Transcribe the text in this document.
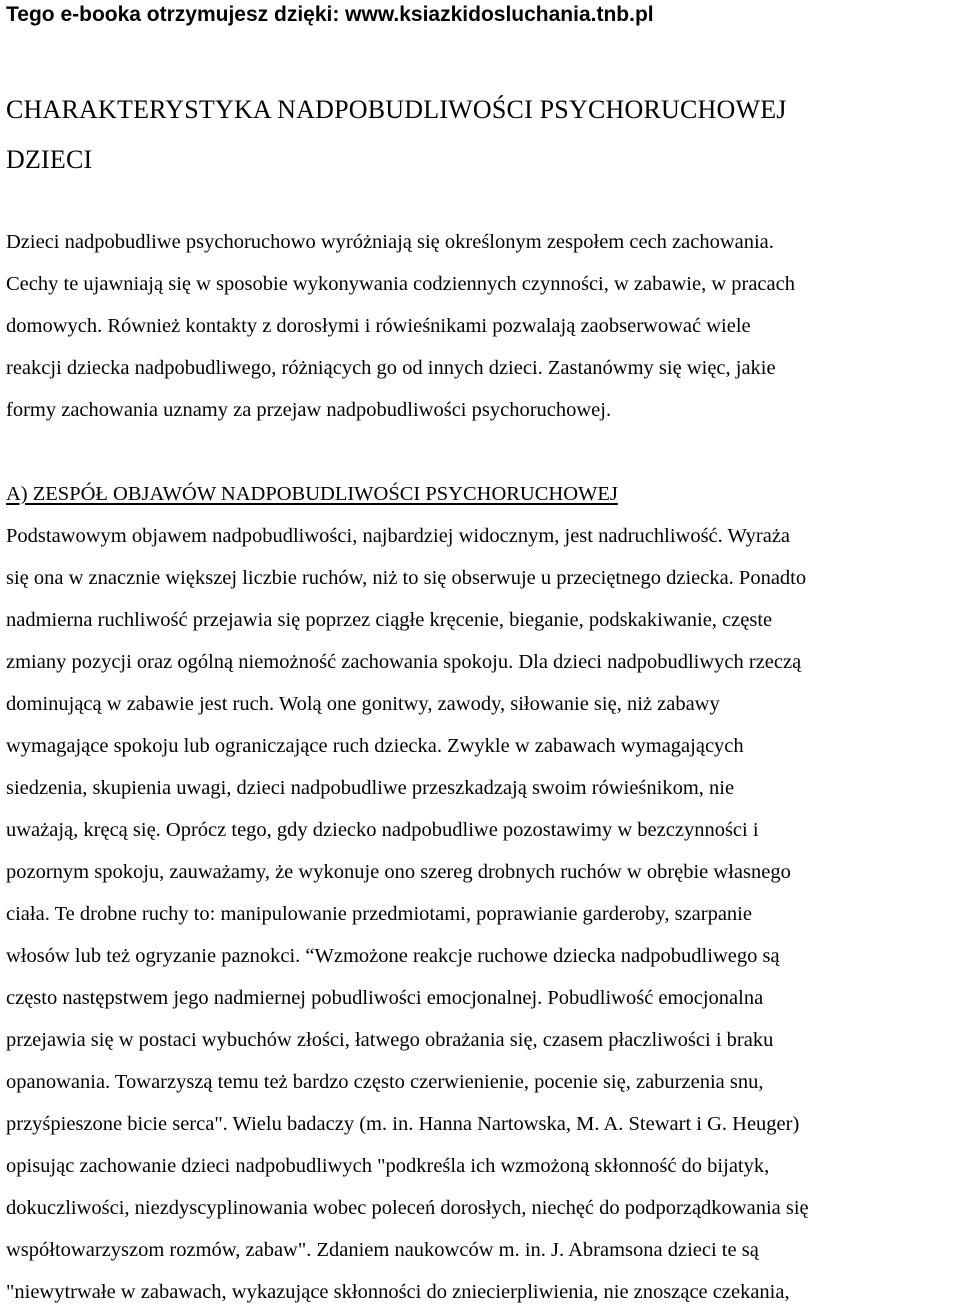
Tego e-booka otrzymujesz dzięki: www.ksiazkidosluchania.tnb.pl
CHARAKTERYSTYKA NADPOBUDLIWOŚCI PSYCHORUCHOWEJ
DZIECI
Dzieci nadpobudliwe psychoruchowo wyróżniają się określonym zespołem cech zachowania.
Cechy te ujawniają się w sposobie wykonywania codziennych czynności, w zabawie, w pracach
domowych. Również kontakty z dorosłymi i rówieśnikami pozwalają zaobserwować wiele
reakcji dziecka nadpobudliwego, różniących go od innych dzieci. Zastanówmy się więc, jakie
formy zachowania uznamy za przejaw nadpobudliwości psychoruchowej.
A) ZESPÓŁ OBJAWÓW NADPOBUDLIWOŚCI PSYCHORUCHOWEJ
Podstawowym objawem nadpobudliwości, najbardziej widocznym, jest nadruchliwość. Wyraża
się ona w znacznie większej liczbie ruchów, niż to się obserwuje u przeciętnego dziecka. Ponadto
nadmierna ruchliwość przejawia się poprzez ciągłe kręcenie, bieganie, podskakiwanie, częste
zmiany pozycji oraz ogólną niemożność zachowania spokoju. Dla dzieci nadpobudliwych rzeczą
dominującą w zabawie jest ruch. Wolą one gonitwy, zawody, siłowanie się, niż zabawy
wymagające spokoju lub ograniczające ruch dziecka. Zwykle w zabawach wymagających
siedzenia, skupienia uwagi, dzieci nadpobudliwe przeszkadzają swoim rówieśnikom, nie
uważają, kręcą się. Oprócz tego, gdy dziecko nadpobudliwe pozostawimy w bezczynności i
pozornym spokoju, zauważamy, że wykonuje ono szereg drobnych ruchów w obrębie własnego
ciała. Te drobne ruchy to: manipulowanie przedmiotami, poprawianie garderoby, szarpanie
włosów lub też ogryzanie paznokci. “Wzmożone reakcje ruchowe dziecka nadpobudliwego są
często następstwem jego nadmiernej pobudliwości emocjonalnej. Pobudliwość emocjonalna
przejawia się w postaci wybuchów złości, łatwego obrażania się, czasem płaczliwości i braku
opanowania. Towarzyszą temu też bardzo często czerwienienie, pocenie się, zaburzenia snu,
przyśpieszone bicie serca". Wielu badaczy (m. in. Hanna Nartowska, M. A. Stewart i G. Heuger)
opisując zachowanie dzieci nadpobudliwych "podkreśla ich wzmożoną skłonność do bijatyk,
dokuczliwości, niezdyscyplinowania wobec poleceń dorosłych, niechęć do podporządkowania się
współtowarzyszom rozmów, zabaw". Zdaniem naukowców m. in. J. Abramsona dzieci te są
"niewytrwałe w zabawach, wykazujące skłonności do zniecierpliwienia, nie znoszące czekania,
